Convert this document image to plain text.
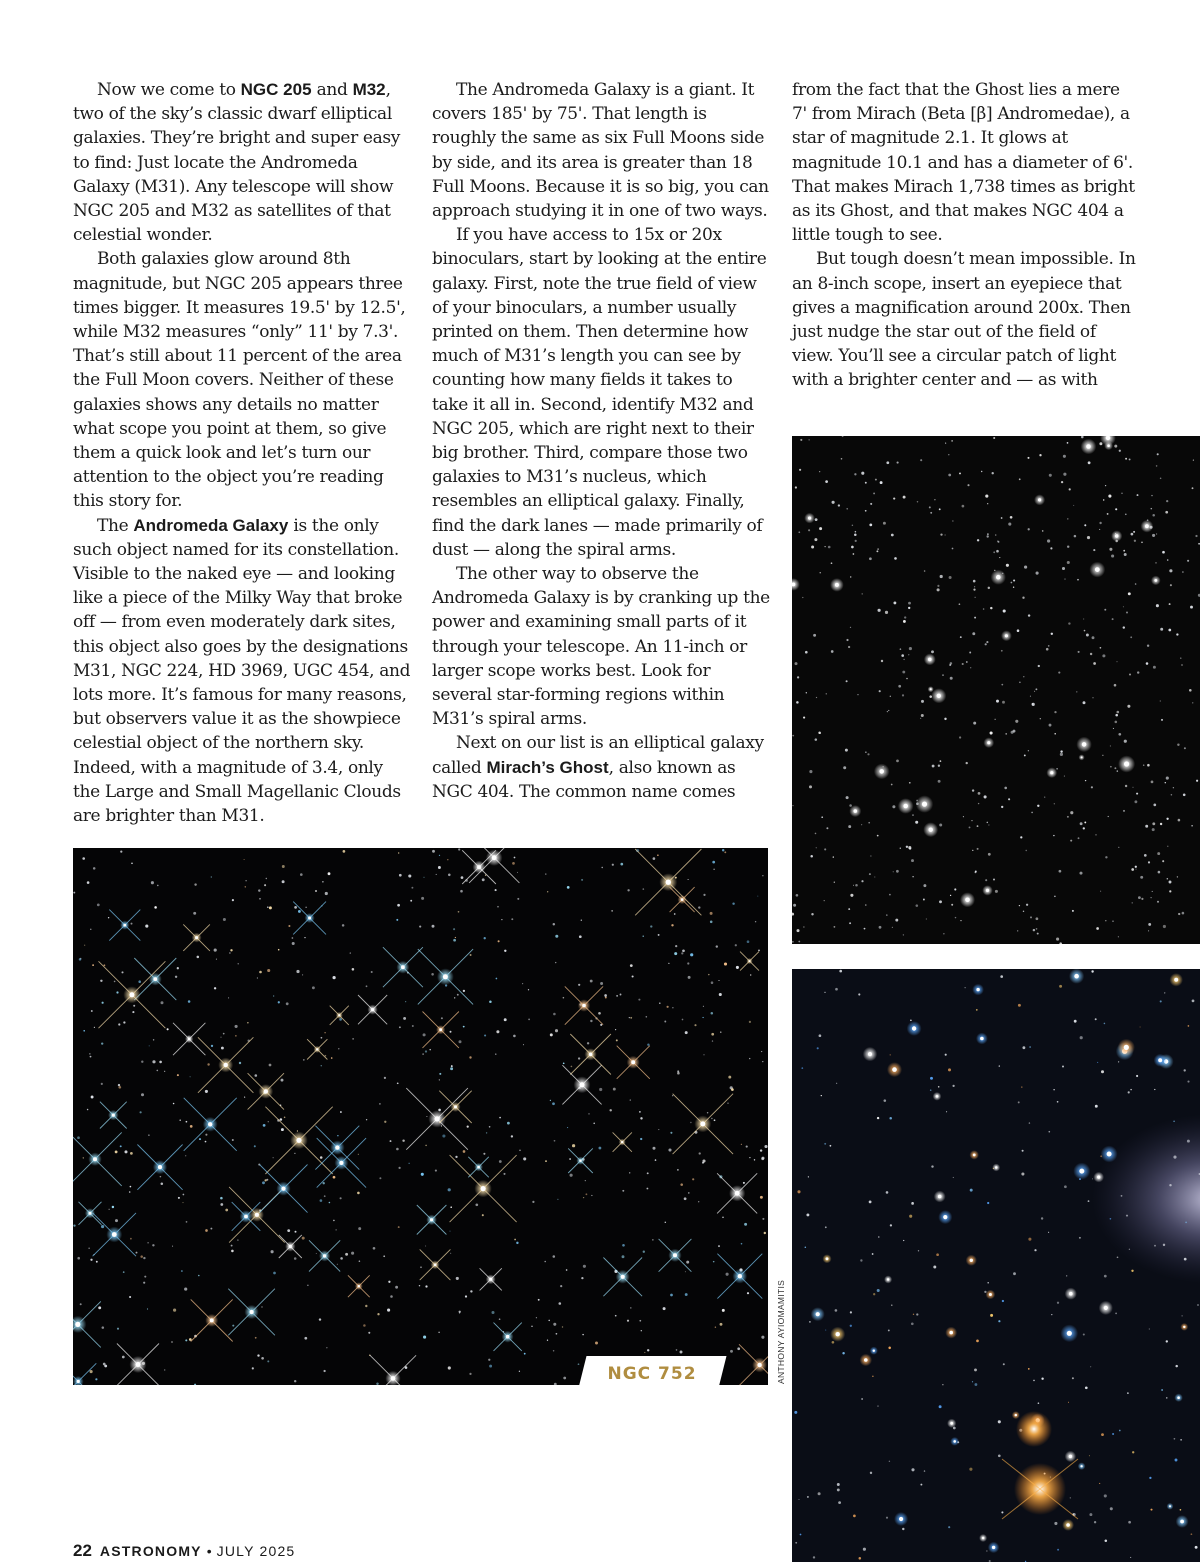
Now we come to NGC 205 and M32, two of the sky’s classic dwarf elliptical galaxies. They’re bright and super easy to find: Just locate the Andromeda Galaxy (M31). Any telescope will show NGC 205 and M32 as satellites of that celestial wonder.

Both galaxies glow around 8th magnitude, but NGC 205 appears three times bigger. It measures 19.5' by 12.5', while M32 measures “only” 11' by 7.3'. That’s still about 11 percent of the area the Full Moon covers. Neither of these galaxies shows any details no matter what scope you point at them, so give them a quick look and let’s turn our attention to the object you’re reading this story for.

The Andromeda Galaxy is the only such object named for its constellation. Visible to the naked eye — and looking like a piece of the Milky Way that broke off — from even moderately dark sites, this object also goes by the designations M31, NGC 224, HD 3969, UGC 454, and lots more. It’s famous for many reasons, but observers value it as the showpiece celestial object of the northern sky. Indeed, with a magnitude of 3.4, only the Large and Small Magellanic Clouds are brighter than M31.

The Andromeda Galaxy is a giant. It covers 185' by 75'. That length is roughly the same as six Full Moons side by side, and its area is greater than 18 Full Moons. Because it is so big, you can approach studying it in one of two ways.

If you have access to 15x or 20x binoculars, start by looking at the entire galaxy. First, note the true field of view of your binoculars, a number usually printed on them. Then determine how much of M31’s length you can see by counting how many fields it takes to take it all in. Second, identify M32 and NGC 205, which are right next to their big brother. Third, compare those two galaxies to M31’s nucleus, which resembles an elliptical galaxy. Finally, find the dark lanes — made primarily of dust — along the spiral arms.

The other way to observe the Andromeda Galaxy is by cranking up the power and examining small parts of it through your telescope. An 11-inch or larger scope works best. Look for several star-forming regions within M31’s spiral arms.

Next on our list is an elliptical galaxy called Mirach’s Ghost, also known as NGC 404. The common name comes

from the fact that the Ghost lies a mere 7' from Mirach (Beta [β] Andromedae), a star of magnitude 2.1. It glows at magnitude 10.1 and has a diameter of 6'. That makes Mirach 1,738 times as bright as its Ghost, and that makes NGC 404 a little tough to see.

But tough doesn’t mean impossible. In an 8-inch scope, insert an eyepiece that gives a magnification around 200x. Then just nudge the star out of the field of view. You’ll see a circular patch of light with a brighter center and — as with

NGC 752	ANTHONY AYIOMAMITIS
22 ASTRONOMY • JULY 2025
